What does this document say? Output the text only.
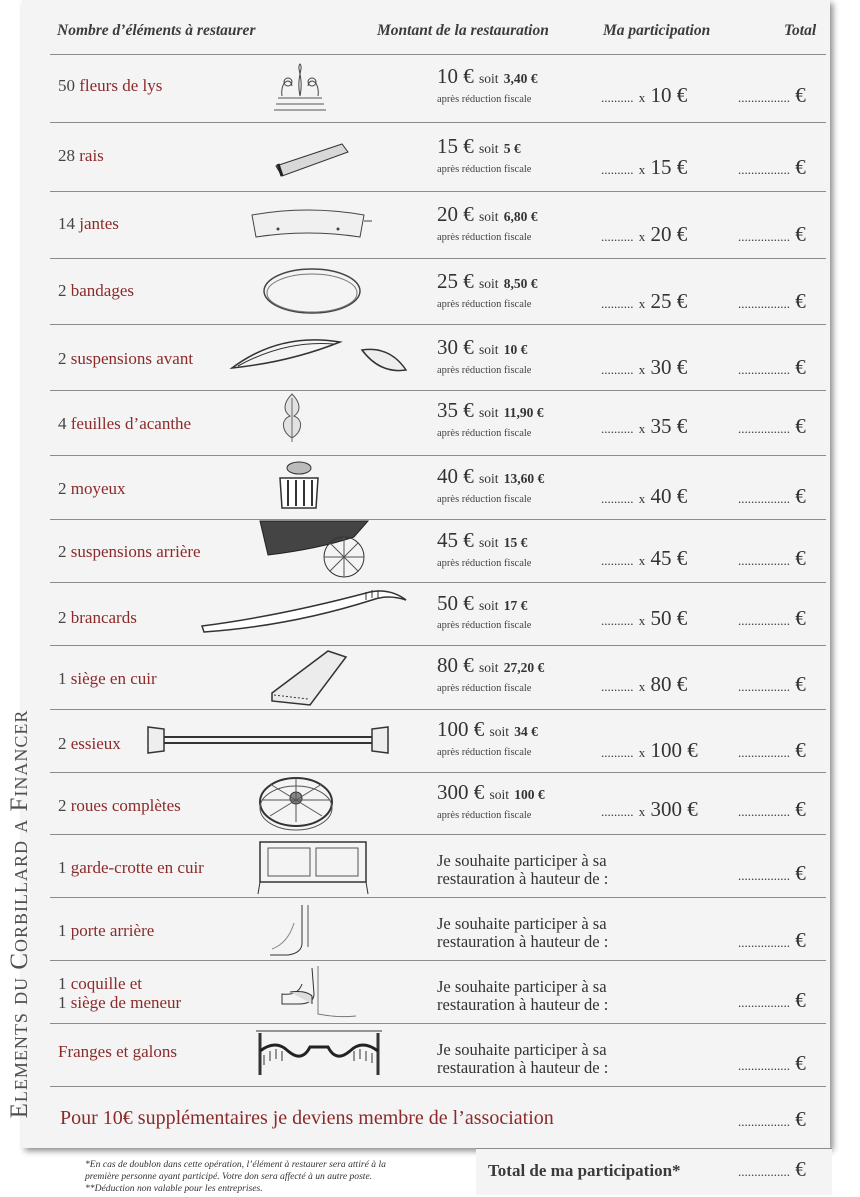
Elements du Corbillard a Financer
Nombre d’éléments à restaurer	Montant de la restauration	Ma participation	Total
50 fleurs de lys	10 € soit 3,40 €
après réduction fiscale	.......... x 10 €	................ €
28 rais	15 € soit 5 €
après réduction fiscale	.......... x 15 €	................ €
14 jantes	20 € soit 6,80 €
après réduction fiscale	.......... x 20 €	................ €
2 bandages	25 € soit 8,50 €
après réduction fiscale	.......... x 25 €	................ €
2 suspensions avant	30 € soit 10 €
après réduction fiscale	.......... x 30 €	................ €
4 feuilles d’acanthe
35 € soit 11,90 €
après réduction fiscale	.......... x 35 €	................ €
2 moyeux
40 € soit 13,60 €
après réduction fiscale	.......... x 40 €	................ €
2 suspensions arrière	45 € soit 15 €
après réduction fiscale	.......... x 45 €	................ €
2 brancards
50 € soit 17 €
après réduction fiscale	.......... x 50 €	................ €
1 siège en cuir
80 € soit 27,20 €
après réduction fiscale	.......... x 80 €	................ €
2 essieux
100 € soit 34 €
après réduction fiscale	.......... x 100 €	................ €
2 roues complètes
300 € soit 100 €
après réduction fiscale	.......... x 300 €	................ €
1 garde-crotte en cuir	Je souhaite participer à sa
restauration à hauteur de :	................ €
1 porte arrière	Je souhaite participer à sa
restauration à hauteur de :	................ €
1 coquille et
1 siège de meneur
Je souhaite participer à sa
restauration à hauteur de :	................ €
Franges et galons	Je souhaite participer à sa
restauration à hauteur de :	................ €
Pour 10€ supplémentaires je deviens membre de l’association	................ €
*En cas de doublon dans cette opération, l’élément à restaurer sera attiré à la
première personne ayant participé. Votre don sera affecté à un autre poste.
**Déduction non valable pour les entreprises.
Total de ma participation*	................ €
